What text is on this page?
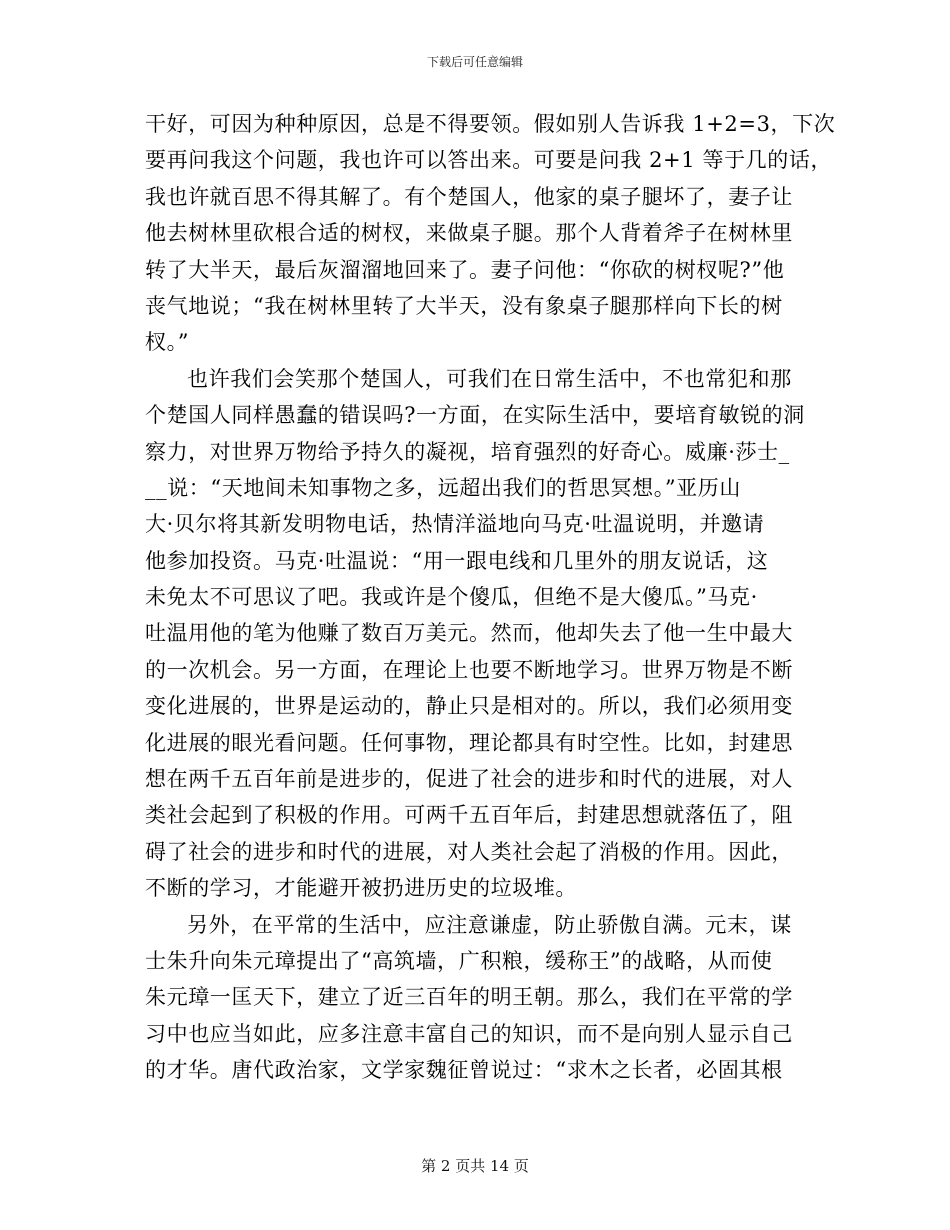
下载后可任意编辑
干好，可因为种种原因，总是不得要领。假如别人告诉我 1+2=3，下次
要再问我这个问题，我也许可以答出来。可要是问我 2+1 等于几的话，
我也许就百思不得其解了。有个楚国人，他家的桌子腿坏了，妻子让
他去树林里砍根合适的树杈，来做桌子腿。那个人背着斧子在树林里
转了大半天，最后灰溜溜地回来了。妻子问他：“你砍的树杈呢?”他
丧气地说；“我在树林里转了大半天，没有象桌子腿那样向下长的树
杈。”
也许我们会笑那个楚国人，可我们在日常生活中，不也常犯和那
个楚国人同样愚蠢的错误吗?一方面，在实际生活中，要培育敏锐的洞
察力，对世界万物给予持久的凝视，培育强烈的好奇心。威廉·莎士_
__说：“天地间未知事物之多，远超出我们的哲思冥想。”亚历山
大·贝尔将其新发明物电话，热情洋溢地向马克·吐温说明，并邀请
他参加投资。马克·吐温说：“用一跟电线和几里外的朋友说话，这
未免太不可思议了吧。我或许是个傻瓜，但绝不是大傻瓜。”马克·
吐温用他的笔为他赚了数百万美元。然而，他却失去了他一生中最大
的一次机会。另一方面，在理论上也要不断地学习。世界万物是不断
变化进展的，世界是运动的，静止只是相对的。所以，我们必须用变
化进展的眼光看问题。任何事物，理论都具有时空性。比如，封建思
想在两千五百年前是进步的，促进了社会的进步和时代的进展，对人
类社会起到了积极的作用。可两千五百年后，封建思想就落伍了，阻
碍了社会的进步和时代的进展，对人类社会起了消极的作用。因此，
不断的学习，才能避开被扔进历史的垃圾堆。
另外，在平常的生活中，应注意谦虚，防止骄傲自满。元末，谋
士朱升向朱元璋提出了“高筑墙，广积粮，缓称王”的战略，从而使
朱元璋一匡天下，建立了近三百年的明王朝。那么，我们在平常的学
习中也应当如此，应多注意丰富自己的知识，而不是向别人显示自己
的才华。唐代政治家，文学家魏征曾说过：“求木之长者，必固其根
第 2 页共 14 页
